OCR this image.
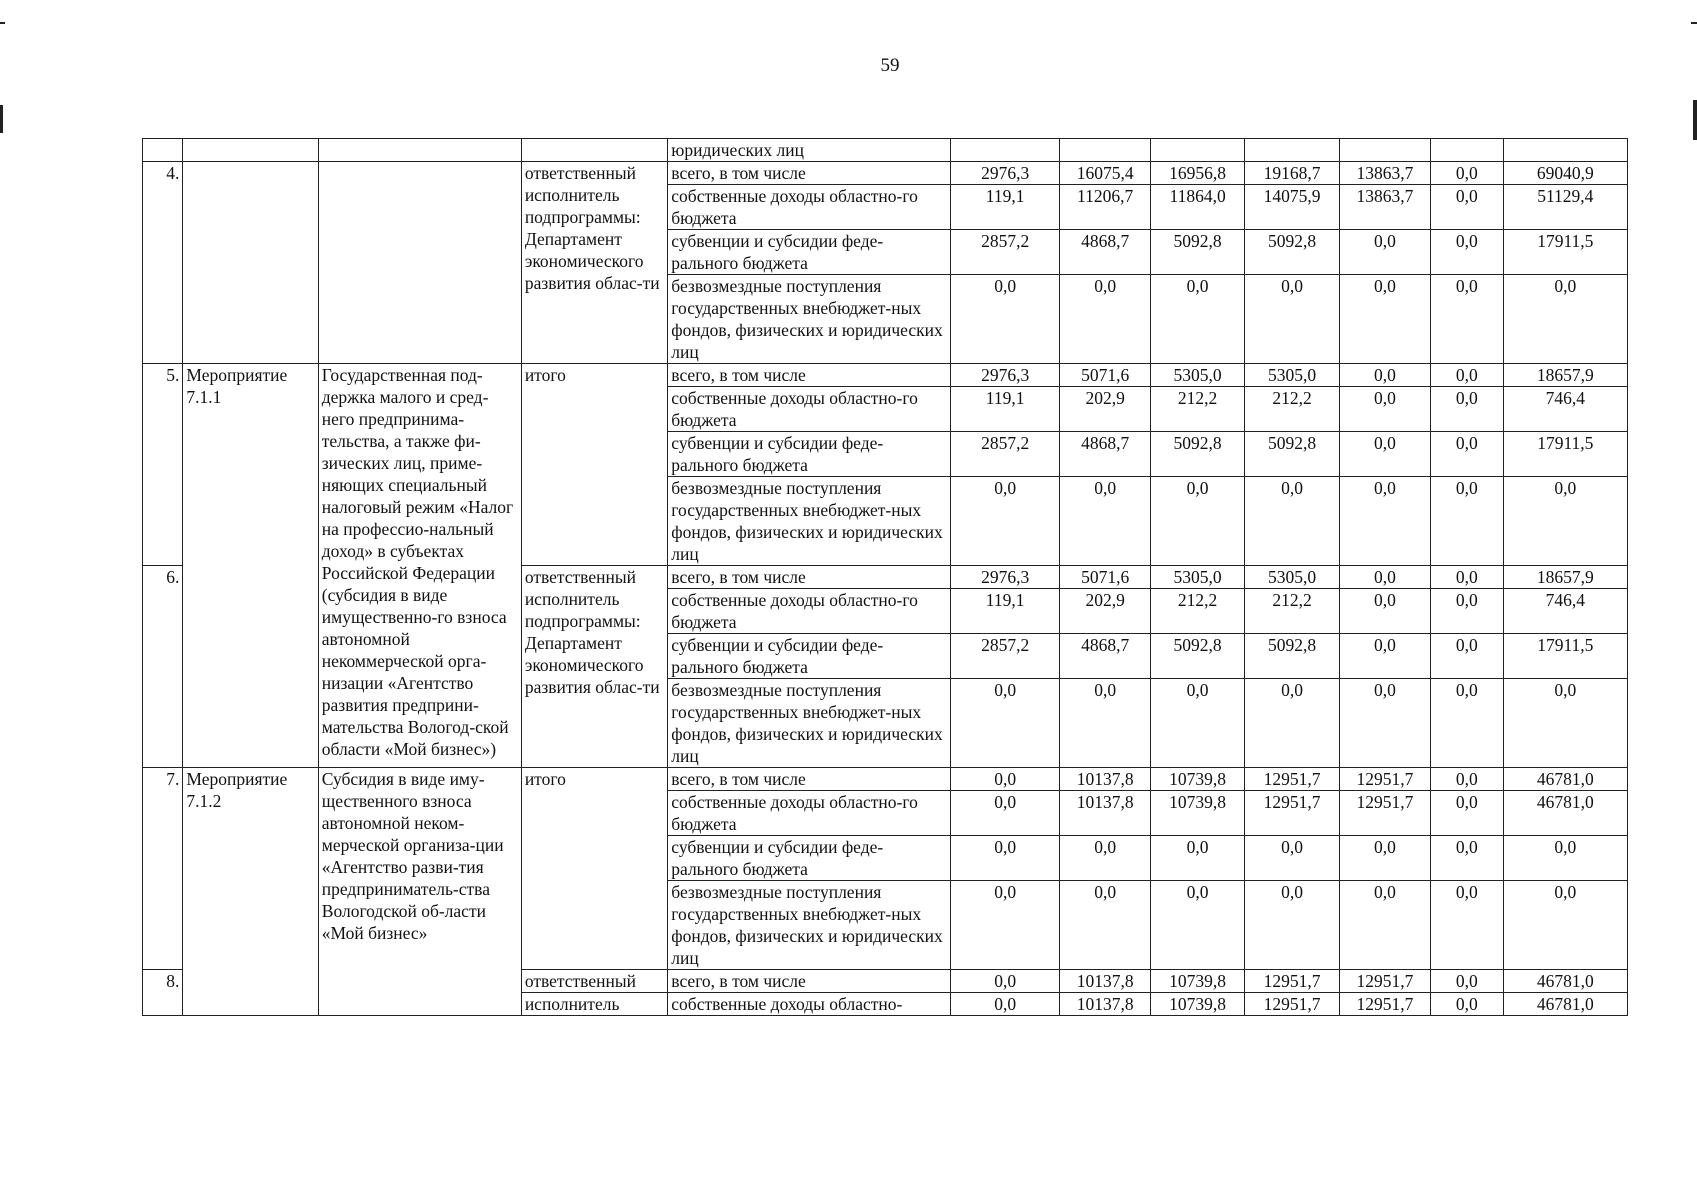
59
				юридических лиц							
4.			ответственный исполнитель подпрограммы: Департамент экономического развития облас-ти	всего, в том числе	2976,3	16075,4	16956,8	19168,7	13863,7	0,0	69040,9
				собственные доходы областно-го бюджета	119,1	11206,7	11864,0	14075,9	13863,7	0,0	51129,4
				субвенции и субсидии феде-рального бюджета	2857,2	4868,7	5092,8	5092,8	0,0	0,0	17911,5
				безвозмездные поступления государственных внебюджет-ных фондов, физических и юридических лиц	0,0	0,0	0,0	0,0	0,0	0,0	0,0
5.	Мероприятие 7.1.1	Государственная под-держка малого и сред-него предпринима-тельства, а также фи-зических лиц, приме-няющих специальный налоговый режим «Налог на профессио-нальный доход» в субъектах Российской Федерации (субсидия в виде имущественно-го взноса автономной некоммерческой орга-низации «Агентство развития предприни-мательства Вологод-ской области «Мой бизнес»)	итого	всего, в том числе	2976,3	5071,6	5305,0	5305,0	0,0	0,0	18657,9
				собственные доходы областно-го бюджета	119,1	202,9	212,2	212,2	0,0	0,0	746,4
				субвенции и субсидии феде-рального бюджета	2857,2	4868,7	5092,8	5092,8	0,0	0,0	17911,5
				безвозмездные поступления государственных внебюджет-ных фондов, физических и юридических лиц	0,0	0,0	0,0	0,0	0,0	0,0	0,0
6.			ответственный исполнитель подпрограммы: Департамент экономического развития облас-ти	всего, в том числе	2976,3	5071,6	5305,0	5305,0	0,0	0,0	18657,9
				собственные доходы областно-го бюджета	119,1	202,9	212,2	212,2	0,0	0,0	746,4
				субвенции и субсидии феде-рального бюджета	2857,2	4868,7	5092,8	5092,8	0,0	0,0	17911,5
				безвозмездные поступления государственных внебюджет-ных фондов, физических и юридических лиц	0,0	0,0	0,0	0,0	0,0	0,0	0,0
7.	Мероприятие 7.1.2	Субсидия в виде иму-щественного взноса автономной неком-мерческой организа-ции «Агентство разви-тия предприниматель-ства Вологодской об-ласти «Мой бизнес»	итого	всего, в том числе	0,0	10137,8	10739,8	12951,7	12951,7	0,0	46781,0
				собственные доходы областно-го бюджета	0,0	10137,8	10739,8	12951,7	12951,7	0,0	46781,0
				субвенции и субсидии феде-рального бюджета	0,0	0,0	0,0	0,0	0,0	0,0	0,0
				безвозмездные поступления государственных внебюджет-ных фондов, физических и юридических лиц	0,0	0,0	0,0	0,0	0,0	0,0	0,0
8.			ответственный	всего, в том числе	0,0	10137,8	10739,8	12951,7	12951,7	0,0	46781,0
			исполнитель	собственные доходы областно-	0,0	10137,8	10739,8	12951,7	12951,7	0,0	46781,0
